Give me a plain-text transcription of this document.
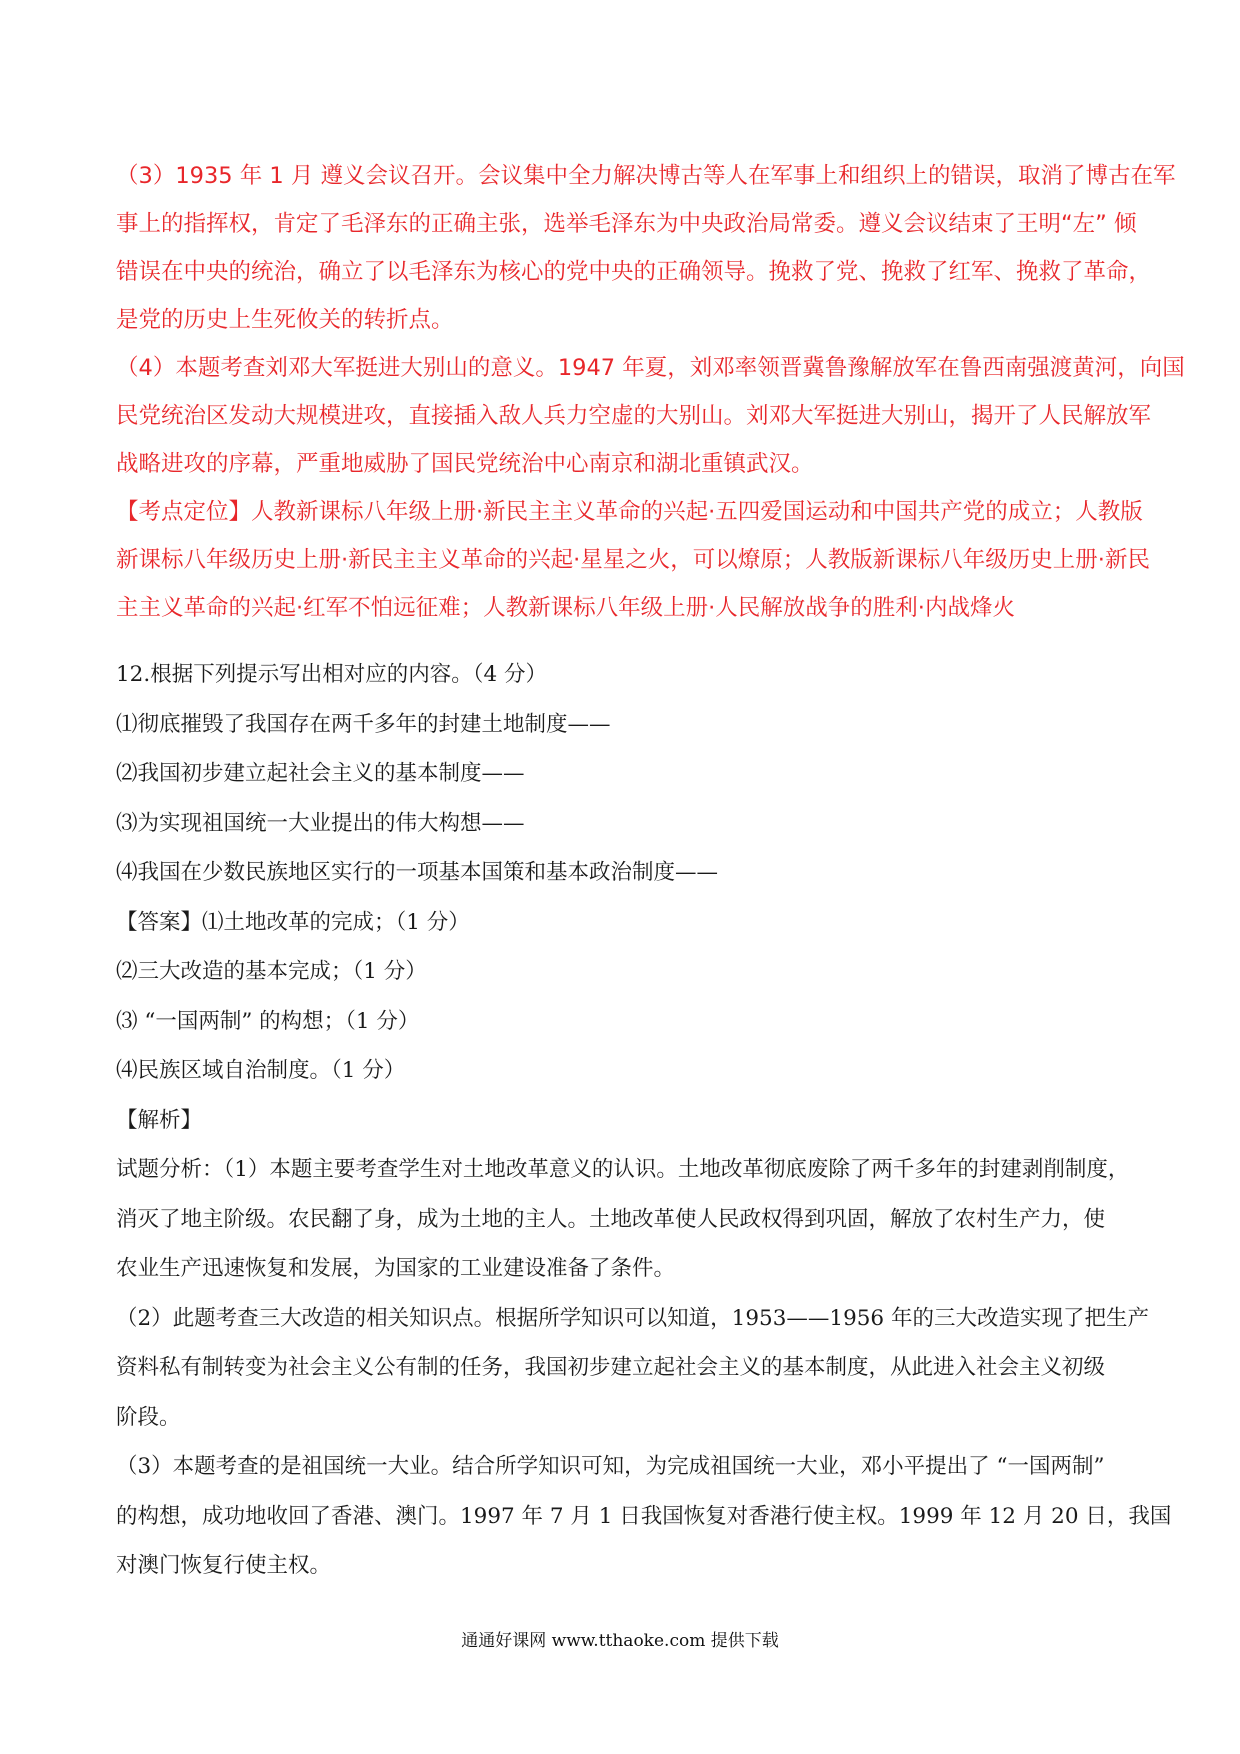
（3）1935 年 1 月 遵义会议召开。会议集中全力解决博古等人在军事上和组织上的错误，取消了博古在军

事上的指挥权，肯定了毛泽东的正确主张，选举毛泽东为中央政治局常委。遵义会议结束了王明“左” 倾

错误在中央的统治，确立了以毛泽东为核心的党中央的正确领导。挽救了党、挽救了红军、挽救了革命，

是党的历史上生死攸关的转折点。

（4）本题考查刘邓大军挺进大别山的意义。1947 年夏，刘邓率领晋冀鲁豫解放军在鲁西南强渡黄河，向国

民党统治区发动大规模进攻，直接插入敌人兵力空虚的大别山。刘邓大军挺进大别山，揭开了人民解放军

战略进攻的序幕，严重地威胁了国民党统治中心南京和湖北重镇武汉。

【考点定位】人教新课标八年级上册·新民主主义革命的兴起·五四爱国运动和中国共产党的成立；人教版

新课标八年级历史上册·新民主主义革命的兴起·星星之火，可以燎原；人教版新课标八年级历史上册·新民

主主义革命的兴起·红军不怕远征难；人教新课标八年级上册·人民解放战争的胜利·内战烽火

12.根据下列提示写出相对应的内容。（4 分）

⑴彻底摧毁了我国存在两千多年的封建土地制度——

⑵我国初步建立起社会主义的基本制度——

⑶为实现祖国统一大业提出的伟大构想——

⑷我国在少数民族地区实行的一项基本国策和基本政治制度——

【答案】⑴土地改革的完成；（1 分）

⑵三大改造的基本完成；（1 分）

⑶ “一国两制” 的构想；（1 分）

⑷民族区域自治制度。（1 分）

【解析】

试题分析：（1）本题主要考查学生对土地改革意义的认识。土地改革彻底废除了两千多年的封建剥削制度，

消灭了地主阶级。农民翻了身，成为土地的主人。土地改革使人民政权得到巩固，解放了农村生产力，使

农业生产迅速恢复和发展，为国家的工业建设准备了条件。

（2）此题考查三大改造的相关知识点。根据所学知识可以知道，1953——1956 年的三大改造实现了把生产

资料私有制转变为社会主义公有制的任务，我国初步建立起社会主义的基本制度，从此进入社会主义初级

阶段。

（3）本题考查的是祖国统一大业。结合所学知识可知，为完成祖国统一大业，邓小平提出了 “一国两制”

的构想，成功地收回了香港、澳门。1997 年 7 月 1 日我国恢复对香港行使主权。1999 年 12 月 20 日，我国

对澳门恢复行使主权。

通通好课网 www.tthaoke.com 提供下载
